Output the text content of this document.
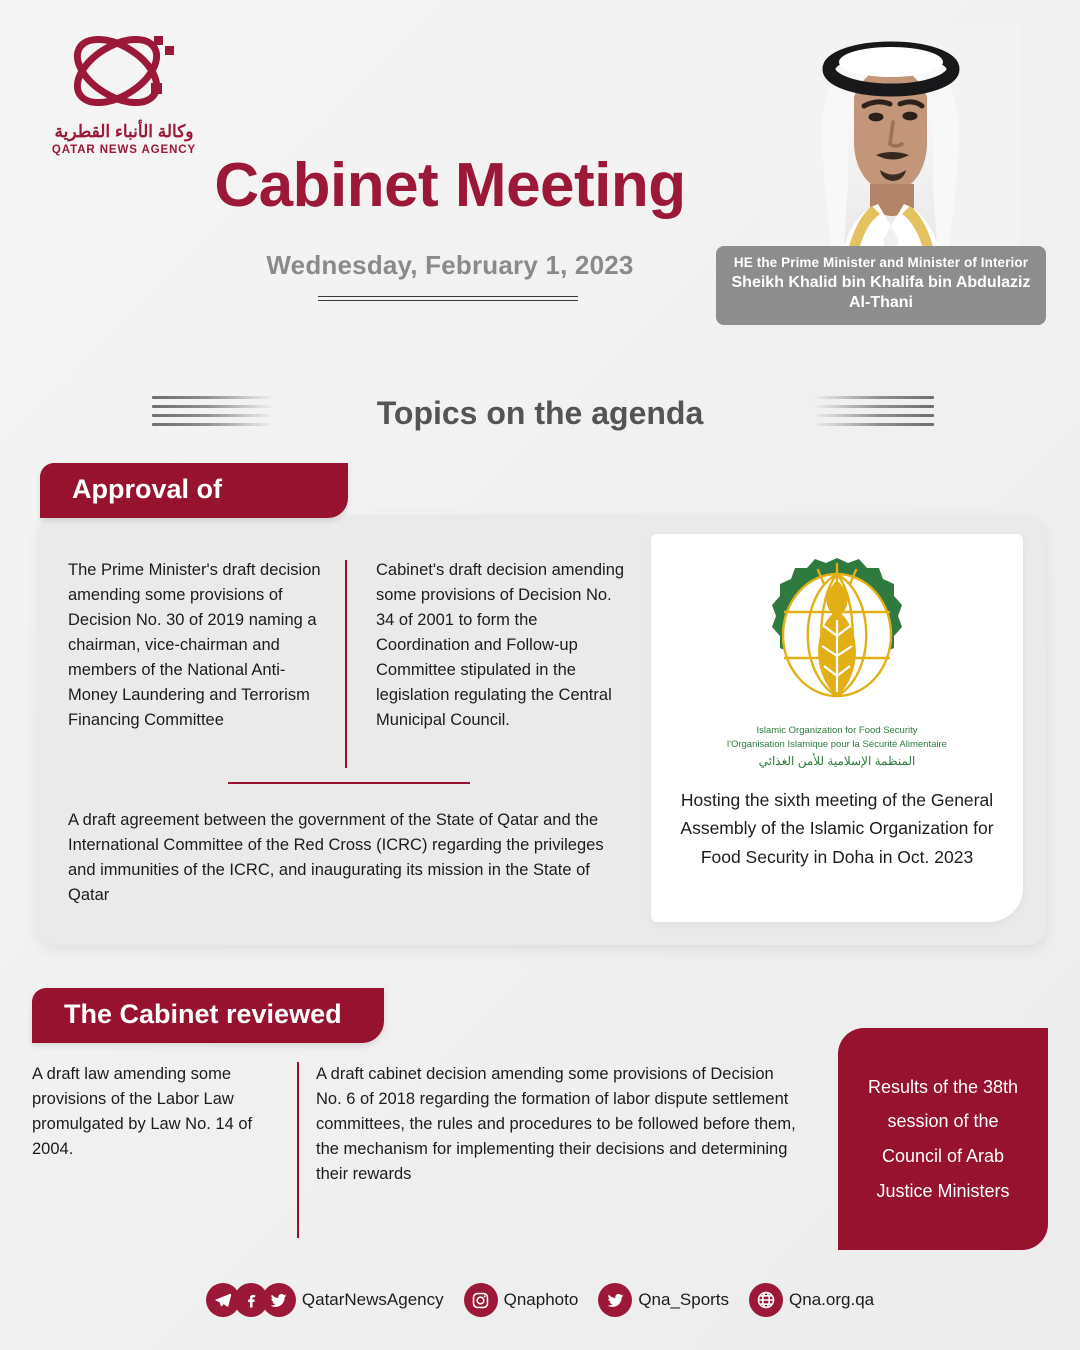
وكالة الأنباء القطرية
QATAR NEWS AGENCY
Cabinet Meeting
Wednesday, February 1, 2023	HE the Prime Minister and Minister of Interior
Sheikh Khalid bin Khalifa bin Abdulaziz Al-Thani
Topics on the agenda
Approval of
The Prime Minister's draft decision amending some provisions of Decision No. 30 of 2019 naming a chairman, vice-chairman and members of the National Anti-Money Laundering and Terrorism Financing Committee
Cabinet's draft decision amending some provisions of Decision No. 34 of 2001 to form the Coordination and Follow-up Committee stipulated in the legislation regulating the Central Municipal Council.
A draft agreement between the government of the State of Qatar and the International Committee of the Red Cross (ICRC) regarding the privileges and immunities of the ICRC, and inaugurating its mission in the State of Qatar
Islamic Organization for Food Security
l'Organisation Islamique pour la Sécurité Alimentaire
المنظمة الإسلامية للأمن الغذائي
Hosting the sixth meeting of the General Assembly of the Islamic Organization for Food Security in Doha in Oct. 2023
The Cabinet reviewed
A draft law amending some provisions of the Labor Law promulgated by Law No. 14 of 2004.
A draft cabinet decision amending some provisions of Decision No. 6 of 2018 regarding the formation of labor dispute settlement committees, the rules and procedures to be followed before them, the mechanism for implementing their decisions and determining their rewards
Results of the 38th session of the Council of Arab Justice Ministers
QatarNewsAgency	Qnaphoto	Qna_Sports	Qna.org.qa
